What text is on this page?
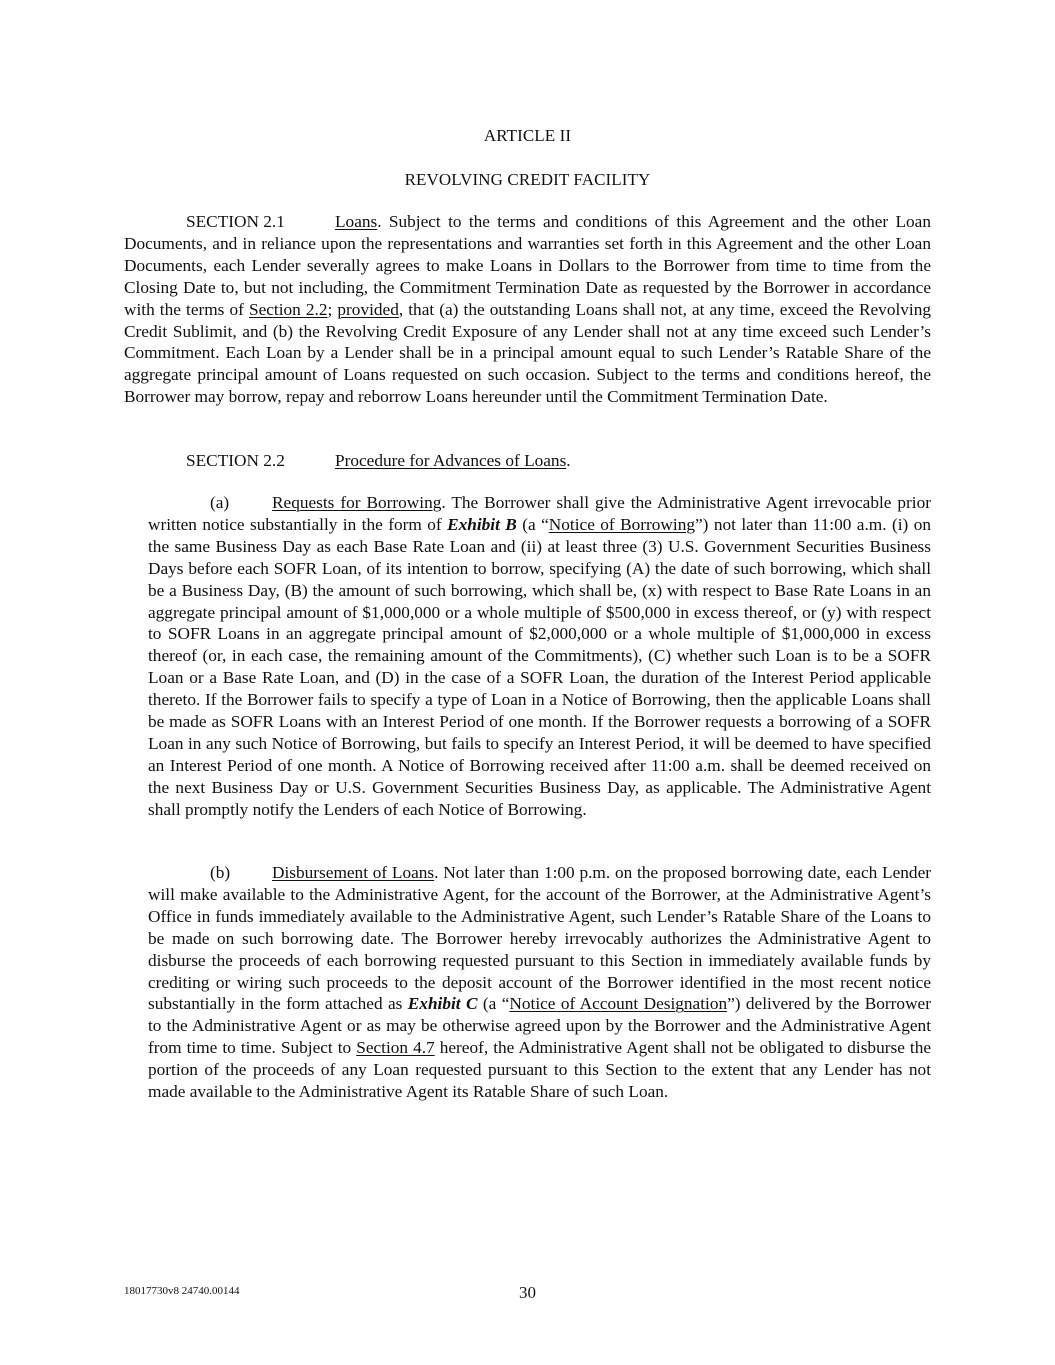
ARTICLE II
REVOLVING CREDIT FACILITY
SECTION 2.1	Loans. Subject to the terms and conditions of this Agreement and the other Loan Documents, and in reliance upon the representations and warranties set forth in this Agreement and the other Loan Documents, each Lender severally agrees to make Loans in Dollars to the Borrower from time to time from the Closing Date to, but not including, the Commitment Termination Date as requested by the Borrower in accordance with the terms of Section 2.2; provided, that (a) the outstanding Loans shall not, at any time, exceed the Revolving Credit Sublimit, and (b) the Revolving Credit Exposure of any Lender shall not at any time exceed such Lender’s Commitment. Each Loan by a Lender shall be in a principal amount equal to such Lender’s Ratable Share of the aggregate principal amount of Loans requested on such occasion. Subject to the terms and conditions hereof, the Borrower may borrow, repay and reborrow Loans hereunder until the Commitment Termination Date.
SECTION 2.2	Procedure for Advances of Loans.
(a) Requests for Borrowing. The Borrower shall give the Administrative Agent irrevocable prior written notice substantially in the form of Exhibit B (a “Notice of Borrowing”) not later than 11:00 a.m. (i) on the same Business Day as each Base Rate Loan and (ii) at least three (3) U.S. Government Securities Business Days before each SOFR Loan, of its intention to borrow, specifying (A) the date of such borrowing, which shall be a Business Day, (B) the amount of such borrowing, which shall be, (x) with respect to Base Rate Loans in an aggregate principal amount of $1,000,000 or a whole multiple of $500,000 in excess thereof, or (y) with respect to SOFR Loans in an aggregate principal amount of $2,000,000 or a whole multiple of $1,000,000 in excess thereof (or, in each case, the remaining amount of the Commitments), (C) whether such Loan is to be a SOFR Loan or a Base Rate Loan, and (D) in the case of a SOFR Loan, the duration of the Interest Period applicable thereto. If the Borrower fails to specify a type of Loan in a Notice of Borrowing, then the applicable Loans shall be made as SOFR Loans with an Interest Period of one month. If the Borrower requests a borrowing of a SOFR Loan in any such Notice of Borrowing, but fails to specify an Interest Period, it will be deemed to have specified an Interest Period of one month. A Notice of Borrowing received after 11:00 a.m. shall be deemed received on the next Business Day or U.S. Government Securities Business Day, as applicable. The Administrative Agent shall promptly notify the Lenders of each Notice of Borrowing.
(b) Disbursement of Loans. Not later than 1:00 p.m. on the proposed borrowing date, each Lender will make available to the Administrative Agent, for the account of the Borrower, at the Administrative Agent’s Office in funds immediately available to the Administrative Agent, such Lender’s Ratable Share of the Loans to be made on such borrowing date. The Borrower hereby irrevocably authorizes the Administrative Agent to disburse the proceeds of each borrowing requested pursuant to this Section in immediately available funds by crediting or wiring such proceeds to the deposit account of the Borrower identified in the most recent notice substantially in the form attached as Exhibit C (a “Notice of Account Designation”) delivered by the Borrower to the Administrative Agent or as may be otherwise agreed upon by the Borrower and the Administrative Agent from time to time. Subject to Section 4.7 hereof, the Administrative Agent shall not be obligated to disburse the portion of the proceeds of any Loan requested pursuant to this Section to the extent that any Lender has not made available to the Administrative Agent its Ratable Share of such Loan.
18017730v8 24740.00144	30
